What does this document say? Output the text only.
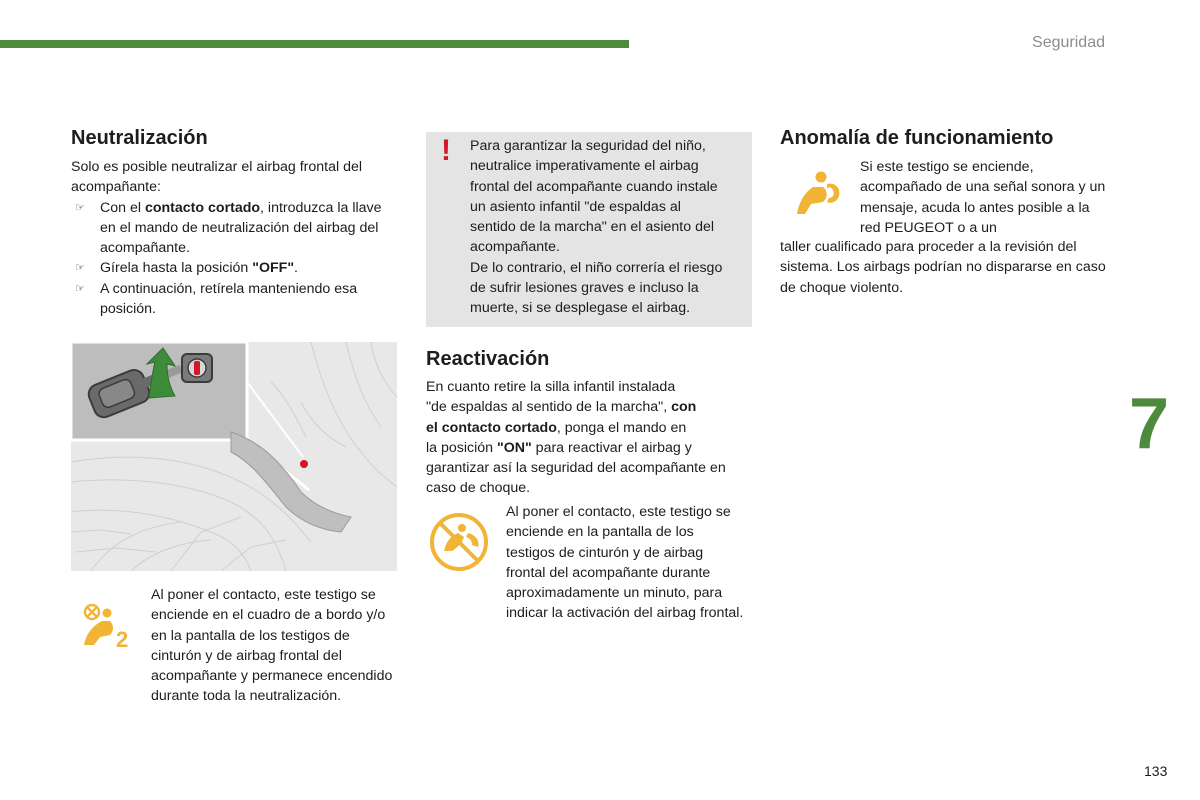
Seguridad
Neutralización

Solo es posible neutralizar el airbag frontal del acompañante:

☞ Con el contacto cortado, introduzca la llave en el mando de neutralización del airbag del acompañante.
☞ Gírela hasta la posición "OFF".
☞ A continuación, retírela manteniendo esa posición.
2

Al poner el contacto, este testigo se enciende en el cuadro de a bordo y/o en la pantalla de los testigos de cinturón y de airbag frontal del acompañante y permanece encendido durante toda la neutralización.

! Para garantizar la seguridad del niño,
neutralice imperativamente el airbag
frontal del acompañante cuando instale
un asiento infantil "de espaldas al
sentido de la marcha" en el asiento del
acompañante.
De lo contrario, el niño correría el riesgo
de sufrir lesiones graves e incluso la
muerte, si se desplegase el airbag.
Reactivación

En cuanto retire la silla infantil instalada
"de espaldas al sentido de la marcha", con
el contacto cortado, ponga el mando en
la posición "ON" para reactivar el airbag y
garantizar así la seguridad del acompañante en
caso de choque.

Al poner el contacto, este testigo se enciende en la pantalla de los testigos de cinturón y de airbag frontal del acompañante durante aproximadamente un minuto, para indicar la activación del airbag frontal.

Anomalía de funcionamiento

Si este testigo se enciende, acompañado de una señal sonora y un mensaje, acuda lo antes posible a la red PEUGEOT o a un

taller cualificado para proceder a la revisión del sistema. Los airbags podrían no dispararse en caso de choque violento.

7
133
